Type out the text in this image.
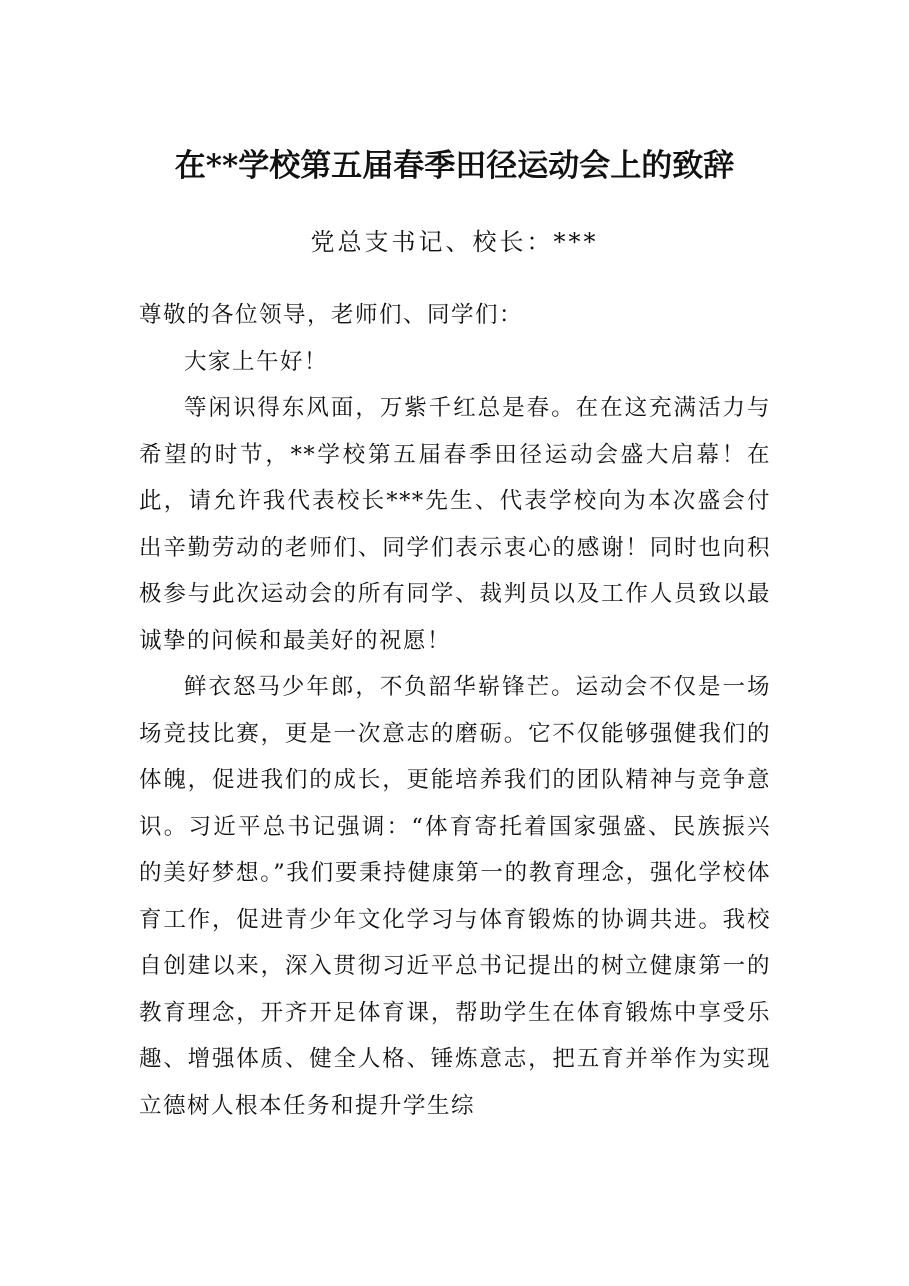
在**学校第五届春季田径运动会上的致辞
党总支书记、校长：***

尊敬的各位领导，老师们、同学们：

大家上午好！

等闲识得东风面，万紫千红总是春。在在这充满活力与希望的时节，**学校第五届春季田径运动会盛大启幕！在此，请允许我代表校长***先生、代表学校向为本次盛会付出辛勤劳动的老师们、同学们表示衷心的感谢！同时也向积极参与此次运动会的所有同学、裁判员以及工作人员致以最诚挚的问候和最美好的祝愿！

鲜衣怒马少年郎，不负韶华崭锋芒。运动会不仅是一场场竞技比赛，更是一次意志的磨砺。它不仅能够强健我们的体魄，促进我们的成长，更能培养我们的团队精神与竞争意识。习近平总书记强调：“体育寄托着国家强盛、民族振兴的美好梦想。”我们要秉持健康第一的教育理念，强化学校体育工作，促进青少年文化学习与体育锻炼的协调共进。我校自创建以来，深入贯彻习近平总书记提出的树立健康第一的教育理念，开齐开足体育课，帮助学生在体育锻炼中享受乐趣、增强体质、健全人格、锤炼意志，把五育并举作为实现立德树人根本任务和提升学生综
